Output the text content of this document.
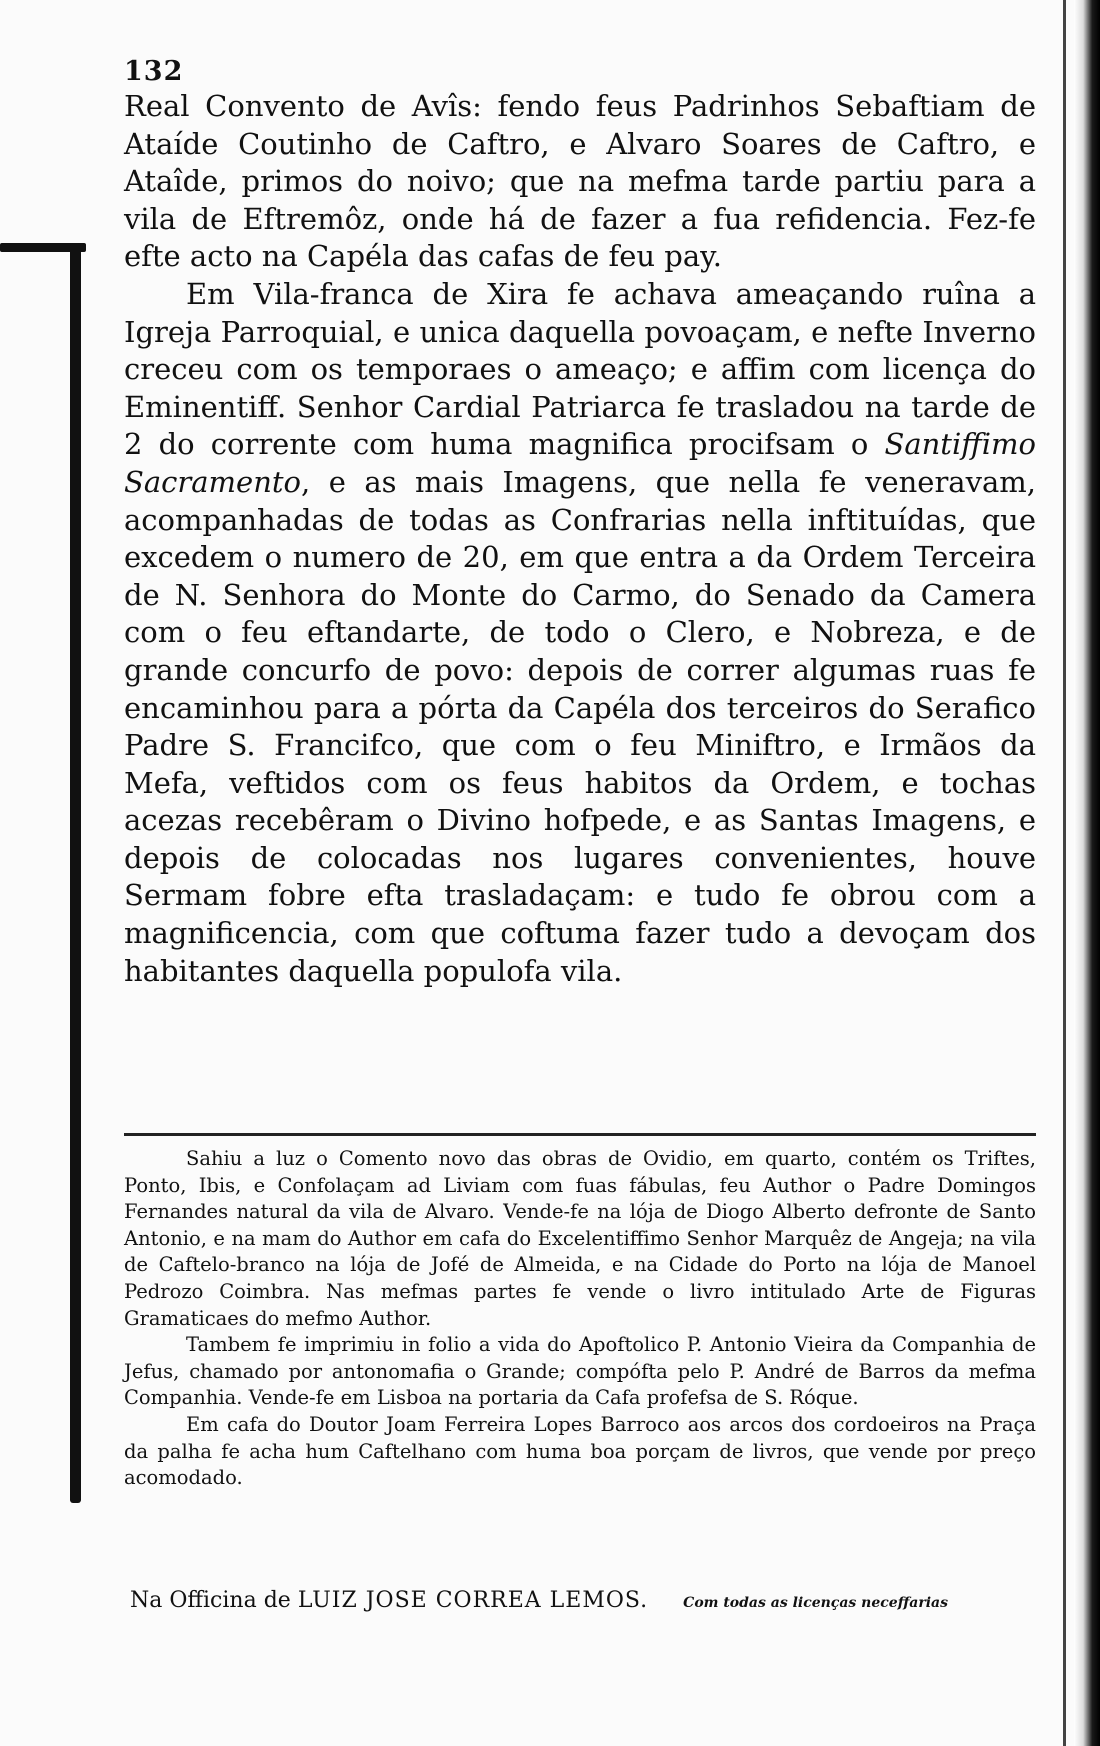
132

Real Convento de Avîs: fendo feus Padrinhos Sebaftiam de Ataíde Coutinho de Caftro, e Alvaro Soares de Caftro, e Ataîde, primos do noivo; que na mefma tarde partiu para a vila de Eftremôz, onde há de fazer a fua refidencia. Fez-fe efte acto na Capéla das cafas de feu pay.

Em Vila-franca de Xira fe achava ameaçando ruîna a Igreja Parroquial, e unica daquella povoaçam, e nefte Inverno creceu com os temporaes o ameaço; e affim com licença do Eminentiff. Senhor Cardial Patriarca fe trasladou na tarde de 2 do corrente com huma magnifica procifsam o Santiffimo Sacramento, e as mais Imagens, que nella fe veneravam, acompanhadas de todas as Confrarias nella inftituídas, que excedem o numero de 20, em que entra a da Ordem Terceira de N. Senhora do Monte do Carmo, do Senado da Camera com o feu eftandarte, de todo o Clero, e Nobreza, e de grande concurfo de povo: depois de correr algumas ruas fe encaminhou para a pórta da Capéla dos terceiros do Serafico Padre S. Francifco, que com o feu Miniftro, e Irmãos da Mefa, veftidos com os feus habitos da Ordem, e tochas acezas recebêram o Divino hofpede, e as Santas Imagens, e depois de colocadas nos lugares convenientes, houve Sermam fobre efta trasladaçam: e tudo fe obrou com a magnificencia, com que coftuma fazer tudo a devoçam dos habitantes daquella populofa vila.

Sahiu a luz o Comento novo das obras de Ovidio, em quarto, contém os Triftes, Ponto, Ibis, e Confolaçam ad Liviam com fuas fábulas, feu Author o Padre Domingos Fernandes natural da vila de Alvaro. Vende-fe na lója de Diogo Alberto defronte de Santo Antonio, e na mam do Author em cafa do Excelentiffimo Senhor Marquêz de Angeja; na vila de Caftelo-branco na lója de Jofé de Almeida, e na Cidade do Porto na lója de Manoel Pedrozo Coimbra. Nas mefmas partes fe vende o livro intitulado Arte de Figuras Gramaticaes do mefmo Author.

Tambem fe imprimiu in folio a vida do Apoftolico P. Antonio Vieira da Companhia de Jefus, chamado por antonomafia o Grande; compófta pelo P. André de Barros da mefma Companhia. Vende-fe em Lisboa na portaria da Cafa profefsa de S. Róque.

Em cafa do Doutor Joam Ferreira Lopes Barroco aos arcos dos cordoeiros na Praça da palha fe acha hum Caftelhano com huma boa porçam de livros, que vende por preço acomodado.

Na Officina de LUIZ JOSE CORREA LEMOS.	Com todas as licenças neceffarias
